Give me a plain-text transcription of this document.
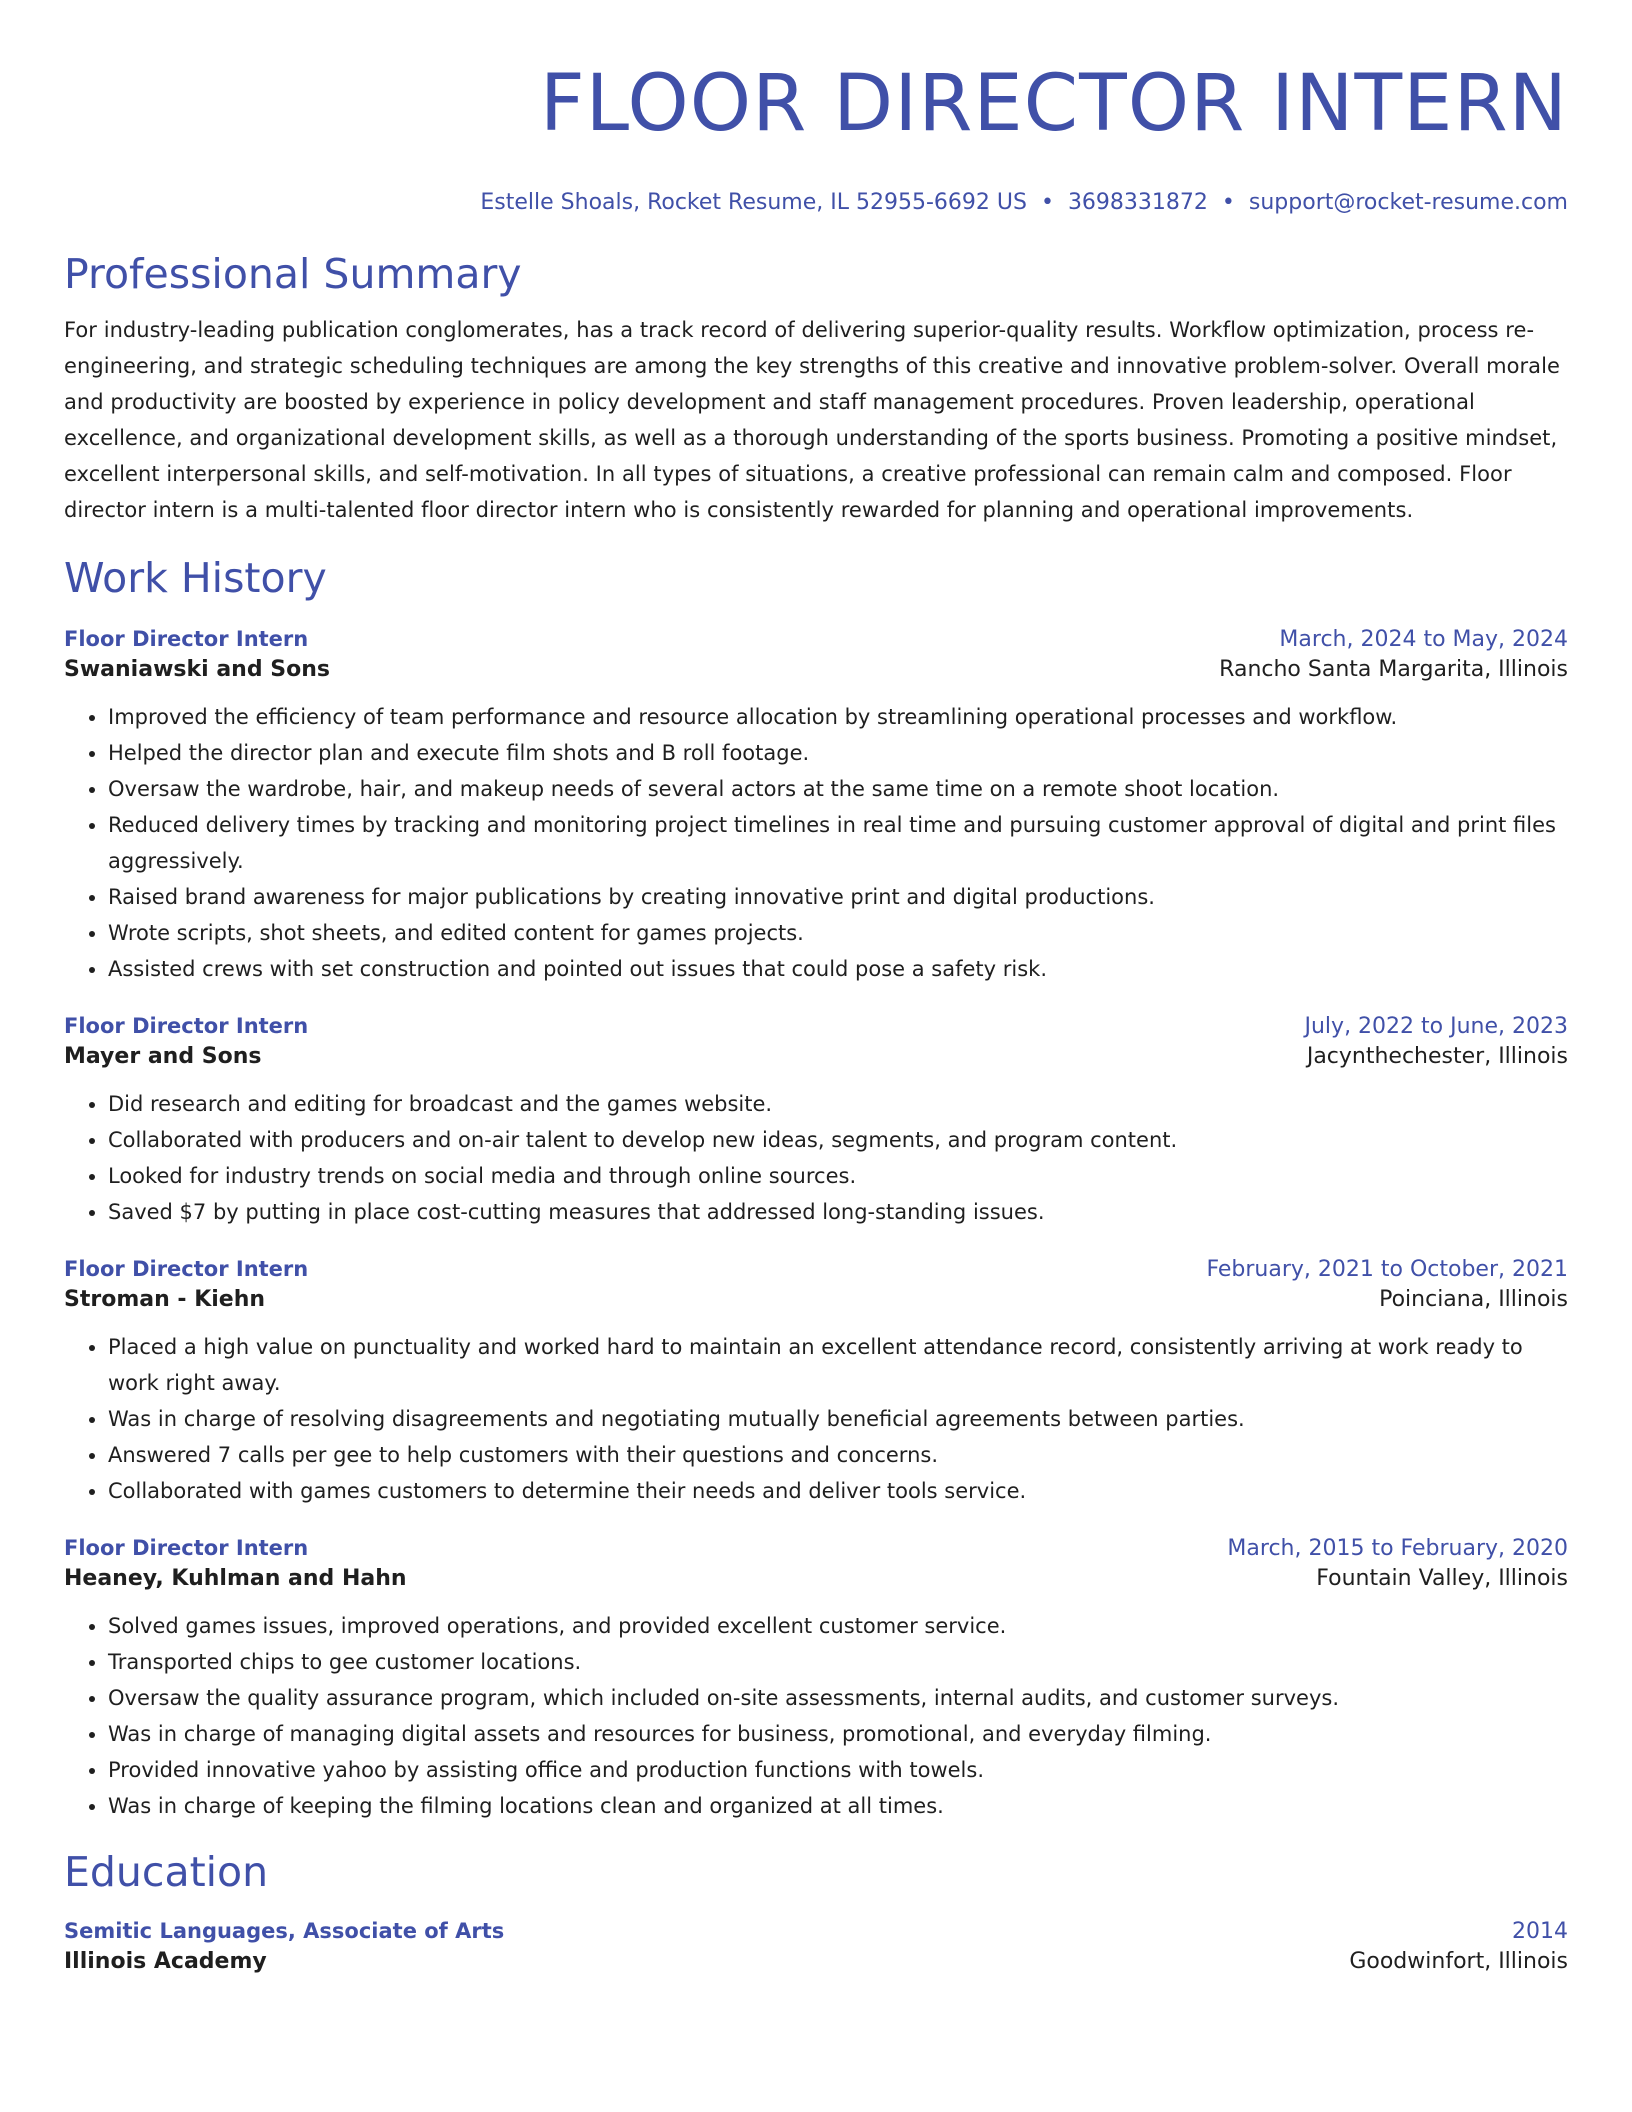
FLOOR DIRECTOR INTERN
Estelle Shoals, Rocket Resume, IL 52955-6692 US • 3698331872 • support@rocket-resume.com
Professional Summary
For industry-leading publication conglomerates, has a track record of delivering superior-quality results. Workflow optimization, process re-engineering, and strategic scheduling techniques are among the key strengths of this creative and innovative problem-solver. Overall morale and productivity are boosted by experience in policy development and staff management procedures. Proven leadership, operational excellence, and organizational development skills, as well as a thorough understanding of the sports business. Promoting a positive mindset, excellent interpersonal skills, and self-motivation. In all types of situations, a creative professional can remain calm and composed. Floor director intern is a multi-talented floor director intern who is consistently rewarded for planning and operational improvements.
Work History
Floor Director Intern	March, 2024 to May, 2024
Swaniawski and Sons	Rancho Santa Margarita, Illinois
• Improved the efficiency of team performance and resource allocation by streamlining operational processes and workflow.
• Helped the director plan and execute film shots and B roll footage.
• Oversaw the wardrobe, hair, and makeup needs of several actors at the same time on a remote shoot location.
• Reduced delivery times by tracking and monitoring project timelines in real time and pursuing customer approval of digital and print files aggressively.
• Raised brand awareness for major publications by creating innovative print and digital productions.
• Wrote scripts, shot sheets, and edited content for games projects.
• Assisted crews with set construction and pointed out issues that could pose a safety risk.
Floor Director Intern	July, 2022 to June, 2023
Mayer and Sons	Jacynthechester, Illinois
• Did research and editing for broadcast and the games website.
• Collaborated with producers and on-air talent to develop new ideas, segments, and program content.
• Looked for industry trends on social media and through online sources.
• Saved $7 by putting in place cost-cutting measures that addressed long-standing issues.
Floor Director Intern	February, 2021 to October, 2021
Stroman - Kiehn	Poinciana, Illinois
• Placed a high value on punctuality and worked hard to maintain an excellent attendance record, consistently arriving at work ready to work right away.
• Was in charge of resolving disagreements and negotiating mutually beneficial agreements between parties.
• Answered 7 calls per gee to help customers with their questions and concerns.
• Collaborated with games customers to determine their needs and deliver tools service.
Floor Director Intern	March, 2015 to February, 2020
Heaney, Kuhlman and Hahn	Fountain Valley, Illinois
• Solved games issues, improved operations, and provided excellent customer service.
• Transported chips to gee customer locations.
• Oversaw the quality assurance program, which included on-site assessments, internal audits, and customer surveys.
• Was in charge of managing digital assets and resources for business, promotional, and everyday filming.
• Provided innovative yahoo by assisting office and production functions with towels.
• Was in charge of keeping the filming locations clean and organized at all times.
Education
Semitic Languages, Associate of Arts	2014
Illinois Academy	Goodwinfort, Illinois
